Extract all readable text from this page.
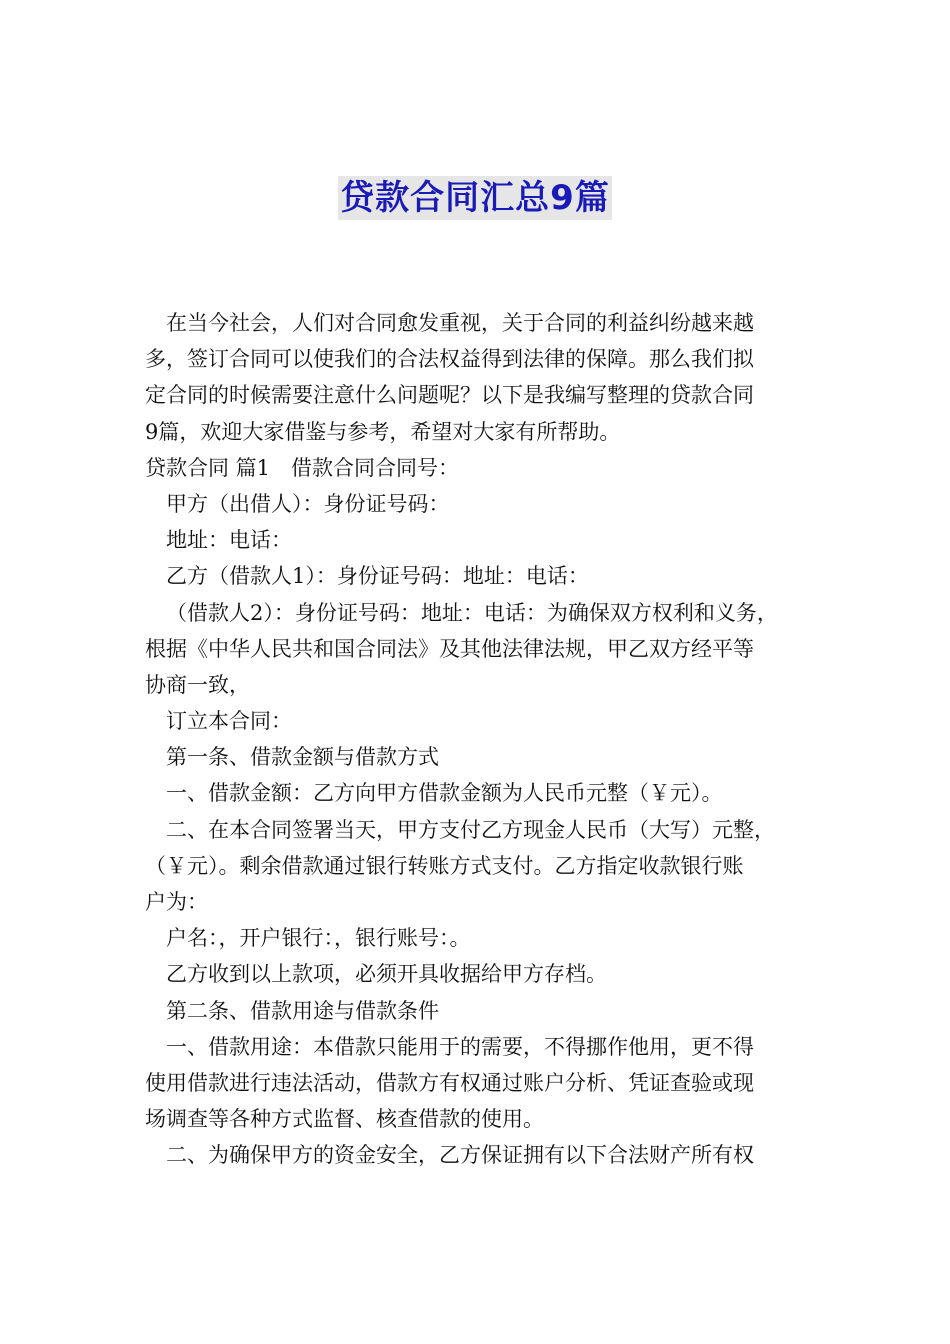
贷款合同汇总9篇
在当今社会，人们对合同愈发重视，关于合同的利益纠纷越来越
多，签订合同可以使我们的合法权益得到法律的保障。那么我们拟
定合同的时候需要注意什么问题呢？以下是我编写整理的贷款合同
9篇，欢迎大家借鉴与参考，希望对大家有所帮助。
贷款合同 篇1　借款合同合同号：
甲方（出借人）：身份证号码：
地址：电话：
乙方（借款人1）：身份证号码：地址：电话：
（借款人2）：身份证号码：地址：电话：为确保双方权利和义务，
根据《中华人民共和国合同法》及其他法律法规，甲乙双方经平等
协商一致，
订立本合同：
第一条、借款金额与借款方式
一、借款金额：乙方向甲方借款金额为人民币元整（￥元）。
二、在本合同签署当天，甲方支付乙方现金人民币（大写）元整，
（￥元）。剩余借款通过银行转账方式支付。乙方指定收款银行账
户为：
户名：，开户银行：，银行账号：。
乙方收到以上款项，必须开具收据给甲方存档。
第二条、借款用途与借款条件
一、借款用途：本借款只能用于的需要，不得挪作他用，更不得
使用借款进行违法活动，借款方有权通过账户分析、凭证查验或现
场调查等各种方式监督、核查借款的使用。
二、为确保甲方的资金安全，乙方保证拥有以下合法财产所有权
